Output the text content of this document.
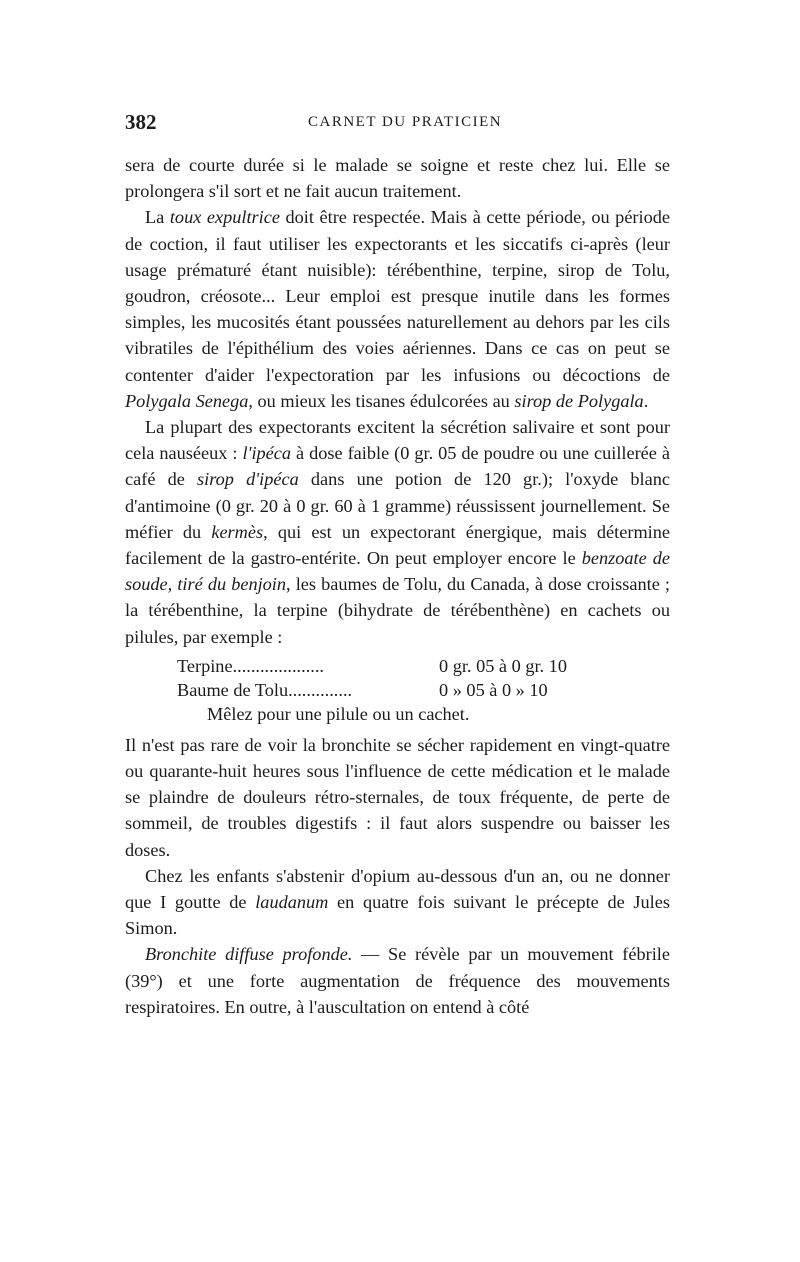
382	CARNET DU PRATICIEN

sera de courte durée si le malade se soigne et reste chez lui. Elle se prolongera s'il sort et ne fait aucun traitement.

La toux expultrice doit être respectée. Mais à cette période, ou période de coction, il faut utiliser les expectorants et les siccatifs ci-après (leur usage prématuré étant nuisible): térébenthine, terpine, sirop de Tolu, goudron, créosote... Leur emploi est presque inutile dans les formes simples, les mucosités étant poussées naturellement au dehors par les cils vibratiles de l'épithélium des voies aériennes. Dans ce cas on peut se contenter d'aider l'expectoration par les infusions ou décoctions de Polygala Senega, ou mieux les tisanes édulcorées au sirop de Polygala.

La plupart des expectorants excitent la sécrétion salivaire et sont pour cela nauséeux : l'ipéca à dose faible (0 gr. 05 de poudre ou une cuillerée à café de sirop d'ipéca dans une potion de 120 gr.); l'oxyde blanc d'antimoine (0 gr. 20 à 0 gr. 60 à 1 gramme) réussissent journellement. Se méfier du kermès, qui est un expectorant énergique, mais détermine facilement de la gastro-entérite. On peut employer encore le benzoate de soude, tiré du benjoin, les baumes de Tolu, du Canada, à dose croissante ; la térébenthine, la terpine (bihydrate de térébenthène) en cachets ou pilules, par exemple :

Terpine....................	0 gr. 05 à 0 gr. 10
Baume de Tolu..............	0 » 05 à 0 » 10
Mêlez pour une pilule ou un cachet.

Il n'est pas rare de voir la bronchite se sécher rapidement en vingt-quatre ou quarante-huit heures sous l'influence de cette médication et le malade se plaindre de douleurs rétro-sternales, de toux fréquente, de perte de sommeil, de troubles digestifs : il faut alors suspendre ou baisser les doses.

Chez les enfants s'abstenir d'opium au-dessous d'un an, ou ne donner que I goutte de laudanum en quatre fois suivant le précepte de Jules Simon.

Bronchite diffuse profonde. — Se révèle par un mouvement fébrile (39°) et une forte augmentation de fréquence des mouvements respiratoires. En outre, à l'auscultation on entend à côté
